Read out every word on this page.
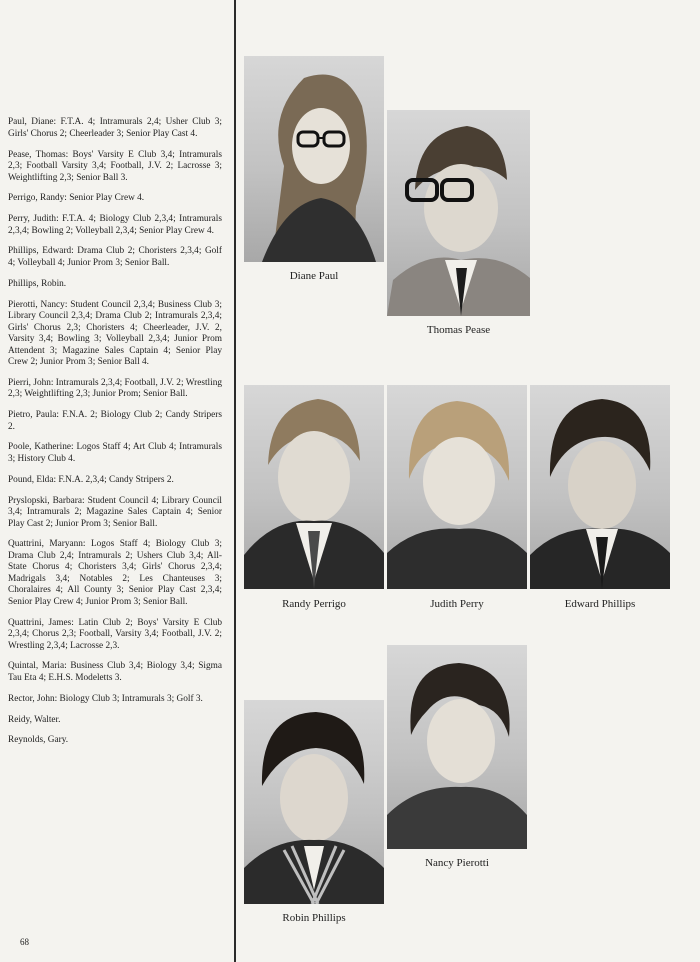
Paul, Diane: F.T.A. 4; Intramurals 2,4; Usher Club 3; Girls' Chorus 2; Cheerleader 3; Senior Play Cast 4.

Pease, Thomas: Boys' Varsity E Club 3,4; Intramurals 2,3; Football Varsity 3,4; Football, J.V. 2; Lacrosse 3; Weightlifting 2,3; Senior Ball 3.

Perrigo, Randy: Senior Play Crew 4.

Perry, Judith: F.T.A. 4; Biology Club 2,3,4; Intramurals 2,3,4; Bowling 2; Volleyball 2,3,4; Senior Play Crew 4.

Phillips, Edward: Drama Club 2; Choristers 2,3,4; Golf 4; Volleyball 4; Junior Prom 3; Senior Ball.

Phillips, Robin.

Pierotti, Nancy: Student Council 2,3,4; Business Club 3; Library Council 2,3,4; Drama Club 2; Intramurals 2,3,4; Girls' Chorus 2,3; Choristers 4; Cheerleader, J.V. 2, Varsity 3,4; Bowling 3; Volleyball 2,3,4; Junior Prom Attendent 3; Magazine Sales Captain 4; Senior Play Crew 2; Junior Prom 3; Senior Ball 4.

Pierri, John: Intramurals 2,3,4; Football, J.V. 2; Wrestling 2,3; Weightlifting 2,3; Junior Prom; Senior Ball.

Pietro, Paula: F.N.A. 2; Biology Club 2; Candy Stripers 2.

Poole, Katherine: Logos Staff 4; Art Club 4; Intramurals 3; History Club 4.

Pound, Elda: F.N.A. 2,3,4; Candy Stripers 2.

Pryslopski, Barbara: Student Council 4; Library Council 3,4; Intramurals 2; Magazine Sales Captain 4; Senior Play Cast 2; Junior Prom 3; Senior Ball.

Quattrini, Maryann: Logos Staff 4; Biology Club 3; Drama Club 2,4; Intramurals 2; Ushers Club 3,4; All-State Chorus 4; Choristers 3,4; Girls' Chorus 2,3,4; Madrigals 3,4; Notables 2; Les Chanteuses 3; Choralaires 4; All County 3; Senior Play Cast 2,3,4; Senior Play Crew 4; Junior Prom 3; Senior Ball.

Quattrini, James: Latin Club 2; Boys' Varsity E Club 2,3,4; Chorus 2,3; Football, Varsity 3,4; Football, J.V. 2; Wrestling 2,3,4; Lacrosse 2,3.

Quintal, Maria: Business Club 3,4; Biology 3,4; Sigma Tau Eta 4; E.H.S. Modeletts 3.

Rector, John: Biology Club 3; Intramurals 3; Golf 3.

Reidy, Walter.

Reynolds, Gary.

68
Diane Paul
Thomas Pease
Randy Perrigo	Judith Perry	Edward Phillips
Nancy Pierotti
Robin Phillips
